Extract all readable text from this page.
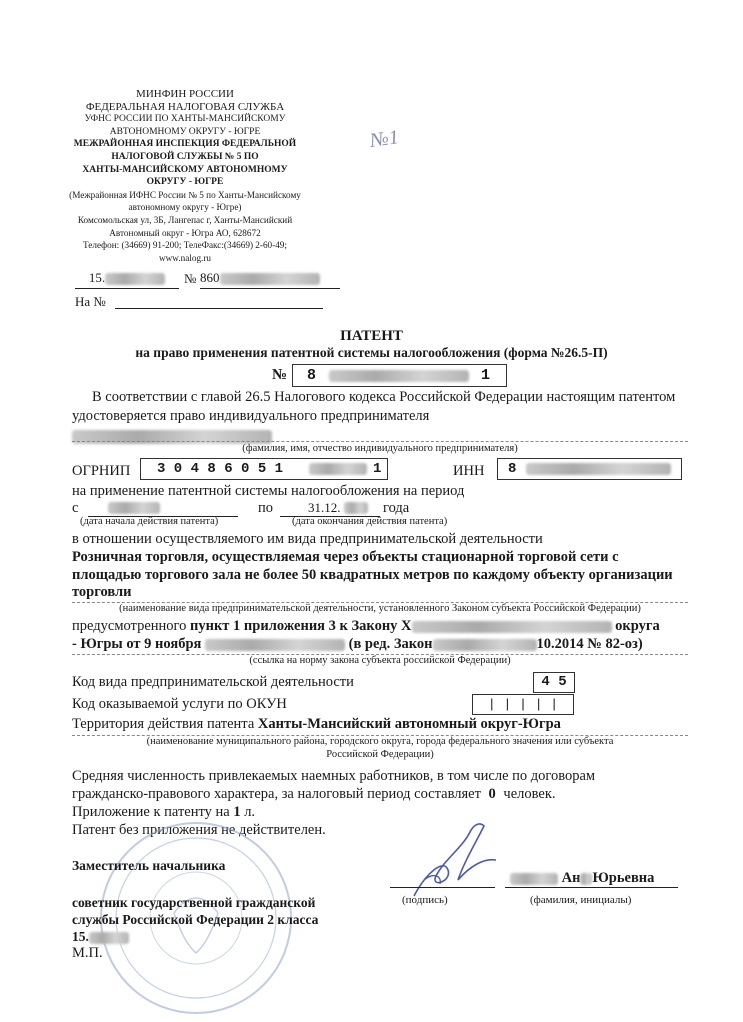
МИНФИН РОССИИ
ФЕДЕРАЛЬНАЯ НАЛОГОВАЯ СЛУЖБА
УФНС РОССИИ ПО ХАНТЫ-МАНСИЙСКОМУ
АВТОНОМНОМУ ОКРУГУ - ЮГРЕ
МЕЖРАЙОННАЯ ИНСПЕКЦИЯ ФЕДЕРАЛЬНОЙ
НАЛОГОВОЙ СЛУЖБЫ № 5 ПО
ХАНТЫ-МАНСИЙСКОМУ АВТОНОМНОМУ
ОКРУГУ - ЮГРЕ
(Межрайонная ИФНС России № 5 по Ханты-Мансийскому
автономному округу - Югре)
Комсомольская ул, 3Б, Лангепас г, Ханты-Мансийский
Автономный округ - Югра АО, 628672
Телефон: (34669) 91-200; ТелеФакс:(34669) 2-60-49;
www.nalog.ru
№1
15.	№ 860
На №
ПАТЕНТ
на право применения патентной системы налогообложения (форма №26.5-П)
№ 8	1
В соответствии с главой 26.5 Налогового кодекса Российской Федерации настоящим патентом
удостоверяется право индивидуального предпринимателя
(фамилия, имя, отчество индивидуального предпринимателя)
ОГРНИП 3 0 4 8 6 0 5 1	1	ИНН 8
на применение патентной системы налогообложения на период
с	по	31.12.	года
(дата начала действия патента)	(дата окончания действия патента)
в отношении осуществляемого им вида предпринимательской деятельности
Розничная торговля, осуществляемая через объекты стационарной торговой сети с
площадью торгового зала не более 50 квадратных метров по каждому объекту организации
торговли
(наименование вида предпринимательской деятельности, установленного Законом субъекта Российской Федерации)
предусмотренного пункт 1 приложения 3 к Закону Х	округа
- Югры от 9 ноября	(в ред. Закон	10.2014 № 82-оз)
(ссылка на норму закона субъекта российской Федерации)
Код вида предпринимательской деятельности	4 5
Код оказываемой услуги по ОКУН	| | | | |
Территория действия патента Ханты-Мансийский автономный округ-Югра
(наименование муниципального района, городского округа, города федерального значения или субъекта
Российской Федерации)
Средняя численность привлекаемых наемных работников, в том числе по договорам
гражданско-правового характера, за налоговый период составляет 0 человек.
Приложение к патенту на 1 л.
Патент без приложения не действителен.
Заместитель начальника
советник государственной гражданской
службы Российской Федерации 2 класса
15.
М.П.
(подпись)
Ан Юрьевна
(фамилия, инициалы)
